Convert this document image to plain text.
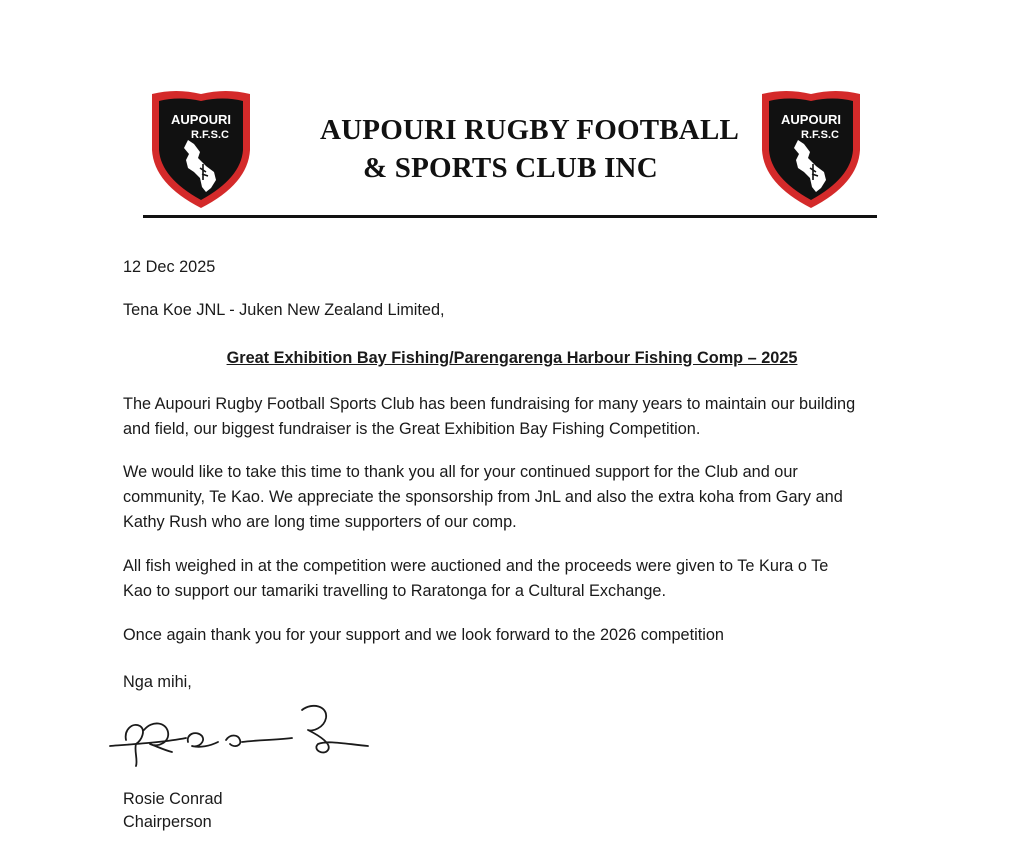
AUPOURI
R.F.S.C	AUPOURI RUGBY FOOTBALL
& SPORTS CLUB INC
AUPOURI
R.F.S.C
12 Dec 2025
Tena Koe JNL - Juken New Zealand Limited,
Great Exhibition Bay Fishing/Parengarenga Harbour Fishing Comp – 2025

The Aupouri Rugby Football Sports Club has been fundraising for many years to maintain our building

and field, our biggest fundraiser is the Great Exhibition Bay Fishing Competition.

We would like to take this time to thank you all for your continued support for the Club and our

community, Te Kao. We appreciate the sponsorship from JnL and also the extra koha from Gary and

Kathy Rush who are long time supporters of our comp.

All fish weighed in at the competition were auctioned and the proceeds were given to Te Kura o Te

Kao to support our tamariki travelling to Raratonga for a Cultural Exchange.

Once again thank you for your support and we look forward to the 2026 competition

Nga mihi,
Rosie Conrad
Chairperson
